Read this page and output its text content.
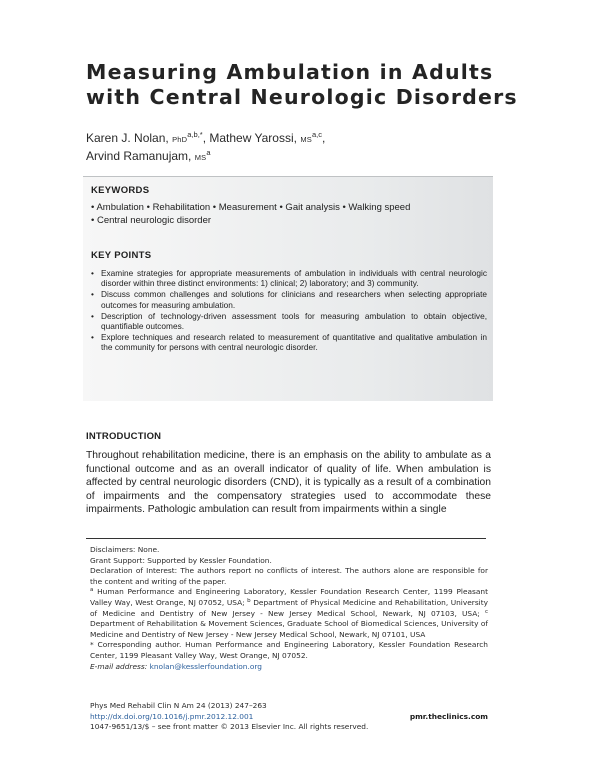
Measuring Ambulation in Adults
with Central Neurologic Disorders
Karen J. Nolan, PhD$^{a,b,*}$, Mathew Yarossi, MS$^{a,c}$,
Arvind Ramanujam, $MS^a$
KEYWORDS
• Ambulation • Rehabilitation • Measurement • Gait analysis • Walking speed
• Central neurologic disorder
KEY POINTS
• Examine strategies for appropriate measurements of ambulation in individuals with central neurologic disorder within three distinct environments: 1) clinical; 2) laboratory; and 3) community.
• Discuss common challenges and solutions for clinicians and researchers when selecting appropriate outcomes for measuring ambulation.
• Description of technology-driven assessment tools for measuring ambulation to obtain objective, quantifiable outcomes.
• Explore techniques and research related to measurement of quantitative and qualitative ambulation in the community for persons with central neurologic disorder.
INTRODUCTION

Throughout rehabilitation medicine, there is an emphasis on the ability to ambulate as a functional outcome and as an overall indicator of quality of life. When ambulation is affected by central neurologic disorders (CND), it is typically as a result of a combination of impairments and the compensatory strategies used to accommodate these impairments. Pathologic ambulation can result from impairments within a single

Disclaimers: None.

Grant Support: Supported by Kessler Foundation.

Declaration of Interest: The authors report no conflicts of interest. The authors alone are responsible for the content and writing of the paper.

$^a$ Human Performance and Engineering Laboratory, Kessler Foundation Research Center, 1199 Pleasant Valley Way, West Orange, NJ 07052, USA; $^b$ Department of Physical Medicine and Rehabilitation, University of Medicine and Dentistry of New Jersey - New Jersey Medical School, Newark, NJ 07103, USA; $^c$ Department of Rehabilitation & Movement Sciences, Graduate School of Biomedical Sciences, University of Medicine and Dentistry of New Jersey - New Jersey Medical School, Newark, NJ 07101, USA

* Corresponding author. Human Performance and Engineering Laboratory, Kessler Foundation Research Center, 1199 Pleasant Valley Way, West Orange, NJ 07052.

E-mail address: knolan@kesslerfoundation.org

Phys Med Rehabil Clin N Am 24 (2013) 247–263
http://dx.doi.org/10.1016/j.pmr.2012.12.001
1047-9651/13/$ – see front matter © 2013 Elsevier Inc. All rights reserved.
pmr.theclinics.com
